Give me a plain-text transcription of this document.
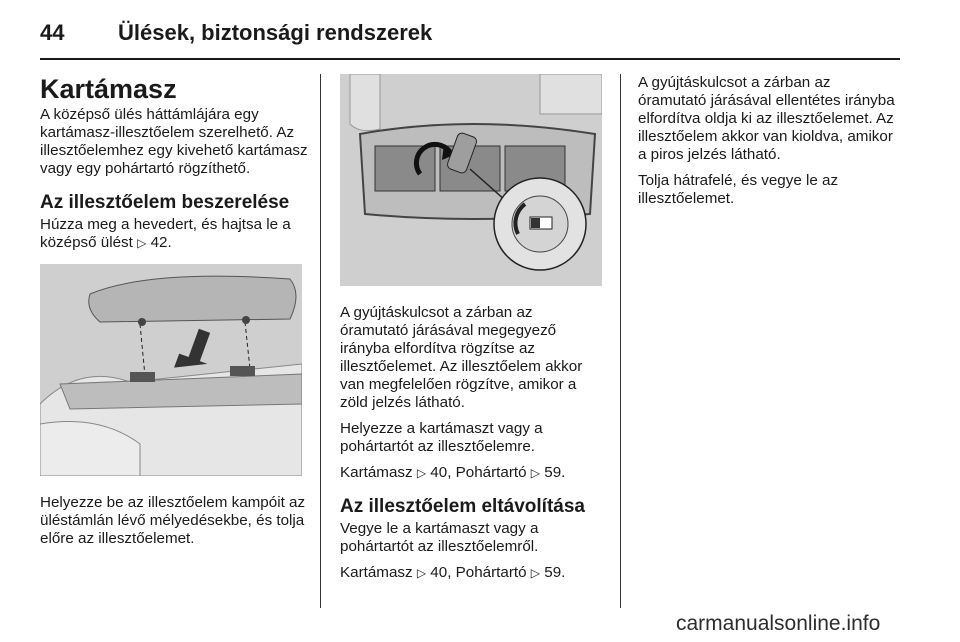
44 Ülések, biztonsági rendszerek
Kartámasz

A középső ülés háttámlájára egy kartámasz-illesztőelem szerelhető. Az illesztőelemhez egy kivehető kartámasz vagy egy pohártartó rögzíthető.

Az illesztőelem beszerelése

Húzza meg a hevedert, és hajtsa le a középső ülést ▷ 42.

Helyezze be az illesztőelem kampóit az üléstámlán lévő mélyedésekbe, és tolja előre az illesztőelemet.

A gyújtáskulcsot a zárban az óramutató járásával megegyező irányba elfordítva rögzítse az illesztőelemet. Az illesztőelem akkor van megfelelően rögzítve, amikor a zöld jelzés látható.

Helyezze a kartámaszt vagy a pohártartót az illesztőelemre.

Kartámasz ▷ 40, Pohártartó ▷ 59.

Az illesztőelem eltávolítása

Vegye le a kartámaszt vagy a pohártartót az illesztőelemről.

Kartámasz ▷ 40, Pohártartó ▷ 59.

A gyújtáskulcsot a zárban az óramutató járásával ellentétes irányba elfordítva oldja ki az illesztőelemet. Az illesztőelem akkor van kioldva, amikor a piros jelzés látható.

Tolja hátrafelé, és vegye le az illesztőelemet.

carmanualsonline.info
